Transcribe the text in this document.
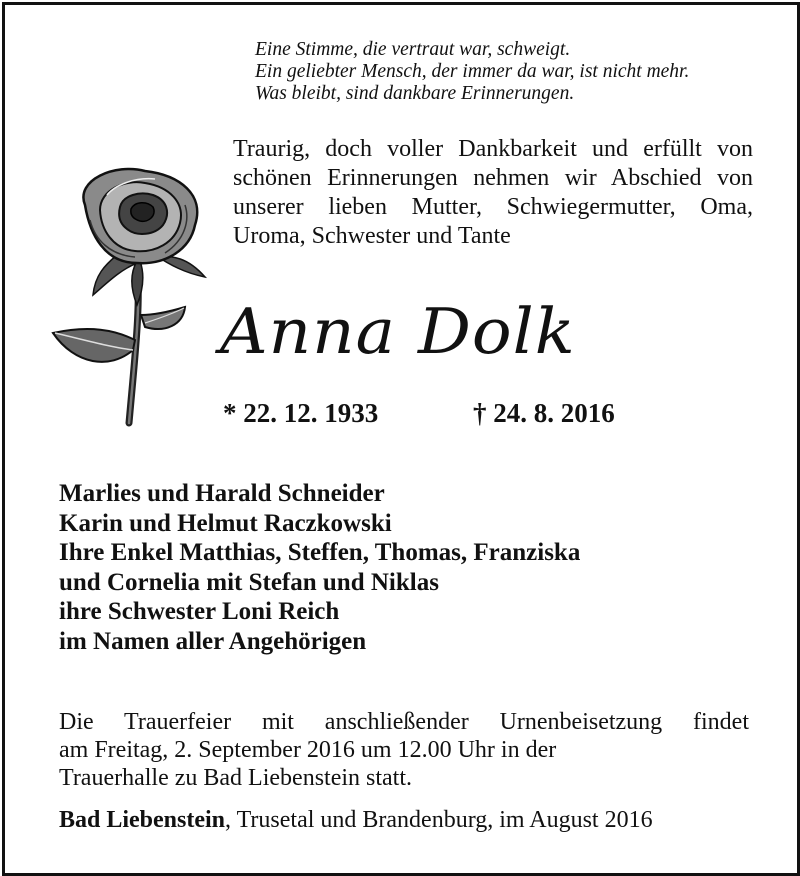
Eine Stimme, die vertraut war, schweigt.
Ein geliebter Mensch, der immer da war, ist nicht mehr.
Was bleibt, sind dankbare Erinnerungen.
Traurig, doch voller Dankbarkeit und erfüllt von schönen Erinnerungen nehmen wir Abschied von unserer lieben Mutter, Schwiegermutter, Oma, Uroma, Schwester und Tante
Anna Dolk
* 22. 12. 1933	† 24. 8. 2016
Marlies und Harald Schneider
Karin und Helmut Raczkowski
Ihre Enkel Matthias, Steffen, Thomas, Franziska
und Cornelia mit Stefan und Niklas
ihre Schwester Loni Reich
im Namen aller Angehörigen
Die Trauerfeier mit anschließender Urnenbeisetzung findet
am Freitag, 2. September 2016 um 12.00 Uhr in der
Trauerhalle zu Bad Liebenstein statt.
Bad Liebenstein, Trusetal und Brandenburg, im August 2016
